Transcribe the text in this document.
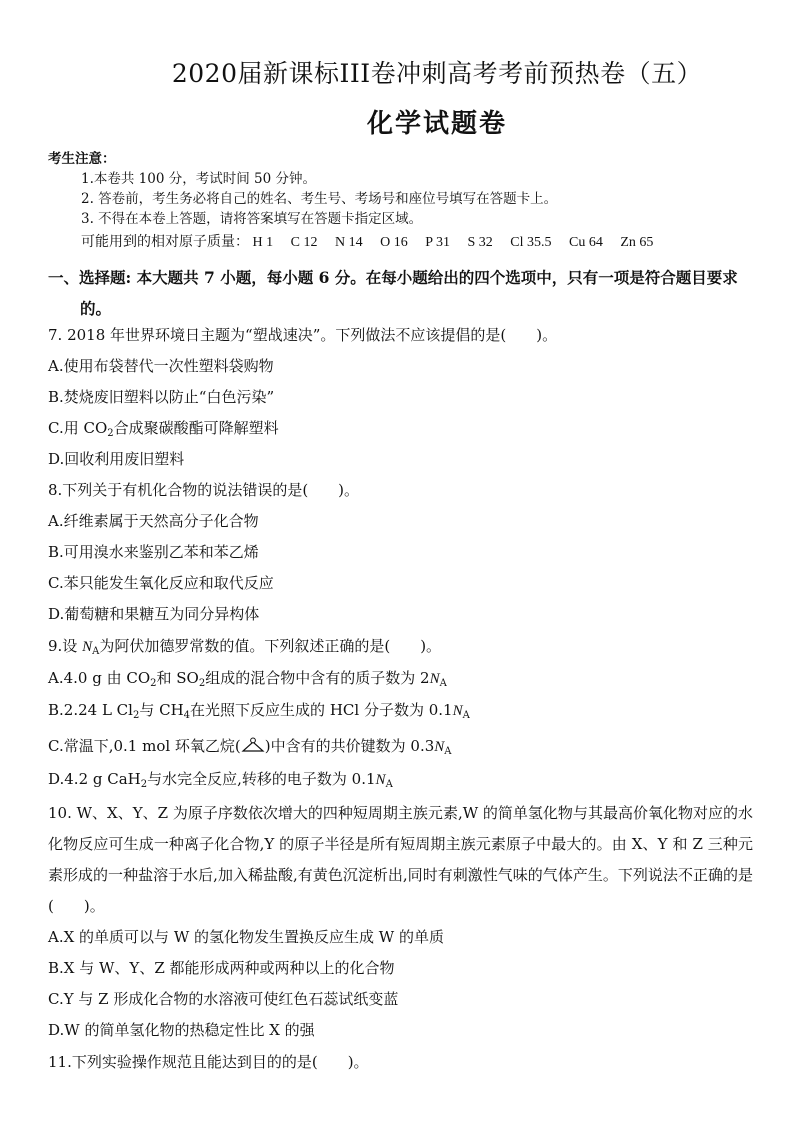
2020届新课标III卷冲刺高考考前预热卷（五）
化学试题卷
考生注意：
1.本卷共 100 分，考试时间 50 分钟。
2. 答卷前，考生务必将自己的姓名、考生号、考场号和座位号填写在答题卡上。
3. 不得在本卷上答题，请将答案填写在答题卡指定区域。
可能用到的相对原子质量： H 1 C 12 N 14 O 16 P 31 S 32 Cl 35.5 Cu 64 Zn 65
一、选择题: 本大题共 7 小题，每小题 6 分。在每小题给出的四个选项中，只有一项是符合题目要求
的。
7. 2018 年世界环境日主题为“塑战速决”。下列做法不应该提倡的是(　　)。
A.使用布袋替代一次性塑料袋购物
B.焚烧废旧塑料以防止“白色污染”
C.用 $CO_2$合成聚碳酸酯可降解塑料
D.回收利用废旧塑料
8.下列关于有机化合物的说法错误的是(　　)。
A.纤维素属于天然高分子化合物
B.可用溴水来鉴别乙苯和苯乙烯
C.苯只能发生氧化反应和取代反应
D.葡萄糖和果糖互为同分异构体
9.设 $N_A$为阿伏加德罗常数的值。下列叙述正确的是(　　)。
A.4.0 g 由 $CO_2$和 $SO_2$组成的混合物中含有的质子数为 $2N_A$
B.2.24 L $Cl_2$与 $CH_4$在光照下反应生成的 HCl 分子数为 $0.1N_A$
C.常温下,0.1 mol 环氧乙烷( )中含有的共价键数为 $0.3N_A$
D.4.2 g CaH$_2$与水完全反应,转移的电子数为 $0.1N_A$
10. W、X、Y、Z 为原子序数依次增大的四种短周期主族元素,W 的简单氢化物与其最高价氧化物对应的水化物反应可生成一种离子化合物,Y 的原子半径是所有短周期主族元素原子中最大的。由 X、Y 和 Z 三种元素形成的一种盐溶于水后,加入稀盐酸,有黄色沉淀析出,同时有刺激性气味的气体产生。下列说法不正确的是(　　)。
A.X 的单质可以与 W 的氢化物发生置换反应生成 W 的单质
B.X 与 W、Y、Z 都能形成两种或两种以上的化合物
C.Y 与 Z 形成化合物的水溶液可使红色石蕊试纸变蓝
D.W 的简单氢化物的热稳定性比 X 的强
11.下列实验操作规范且能达到目的的是(　　)。
